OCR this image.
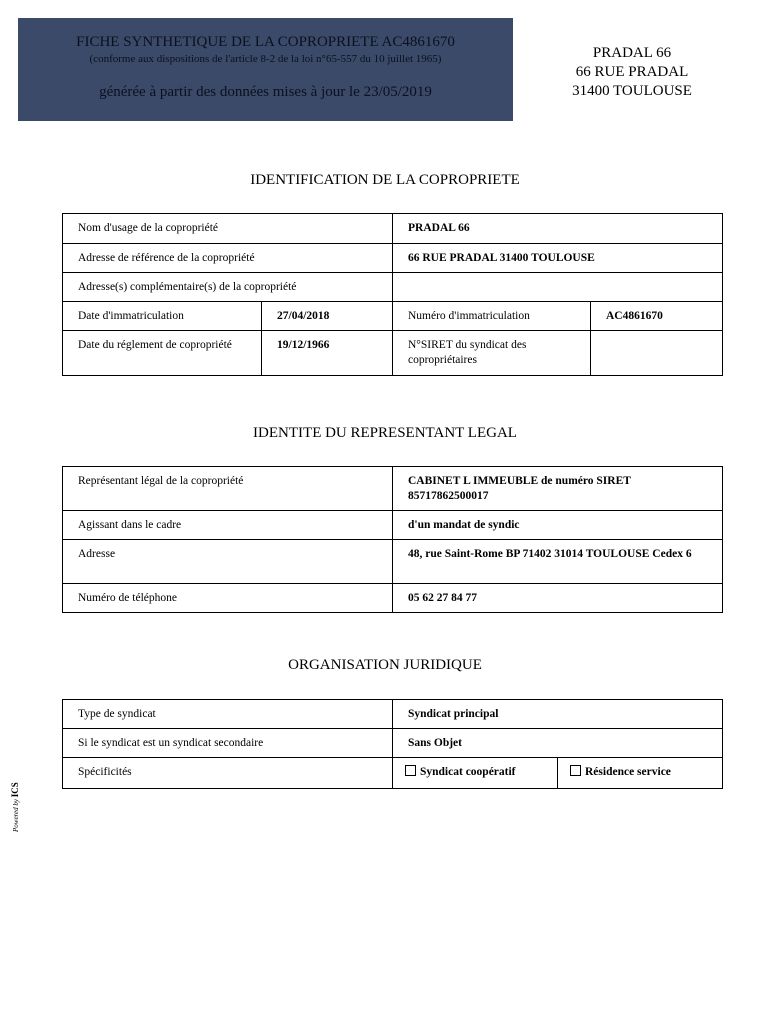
FICHE SYNTHETIQUE DE LA COPROPRIETE AC4861670
(conforme aux dispositions de l'article 8-2 de la loi n°65-557 du 10 juillet 1965)
générée à partir des données mises à jour le 23/05/2019
PRADAL 66
66 RUE PRADAL
31400 TOULOUSE
IDENTIFICATION DE LA COPROPRIETE
Nom d'usage de la copropriété		PRADAL 66	
Adresse de référence de la copropriété		66 RUE PRADAL 31400 TOULOUSE	
Adresse(s) complémentaire(s) de la copropriété			
Date d'immatriculation	27/04/2018	Numéro d'immatriculation	AC4861670
Date du réglement de copropriété	19/12/1966	N°SIRET du syndicat des copropriétaires	
IDENTITE DU REPRESENTANT LEGAL
Représentant légal de la copropriété	CABINET L IMMEUBLE de numéro SIRET 85717862500017
Agissant dans le cadre	d'un mandat de syndic
Adresse	48, rue Saint-Rome BP 71402 31014 TOULOUSE Cedex 6
Numéro de téléphone	05 62 27 84 77
ORGANISATION JURIDIQUE
Type de syndicat	Syndicat principal	
Si le syndicat est un syndicat secondaire	Sans Objet	
Spécificités	Syndicat coopératif	Résidence service
Powered by ICS
